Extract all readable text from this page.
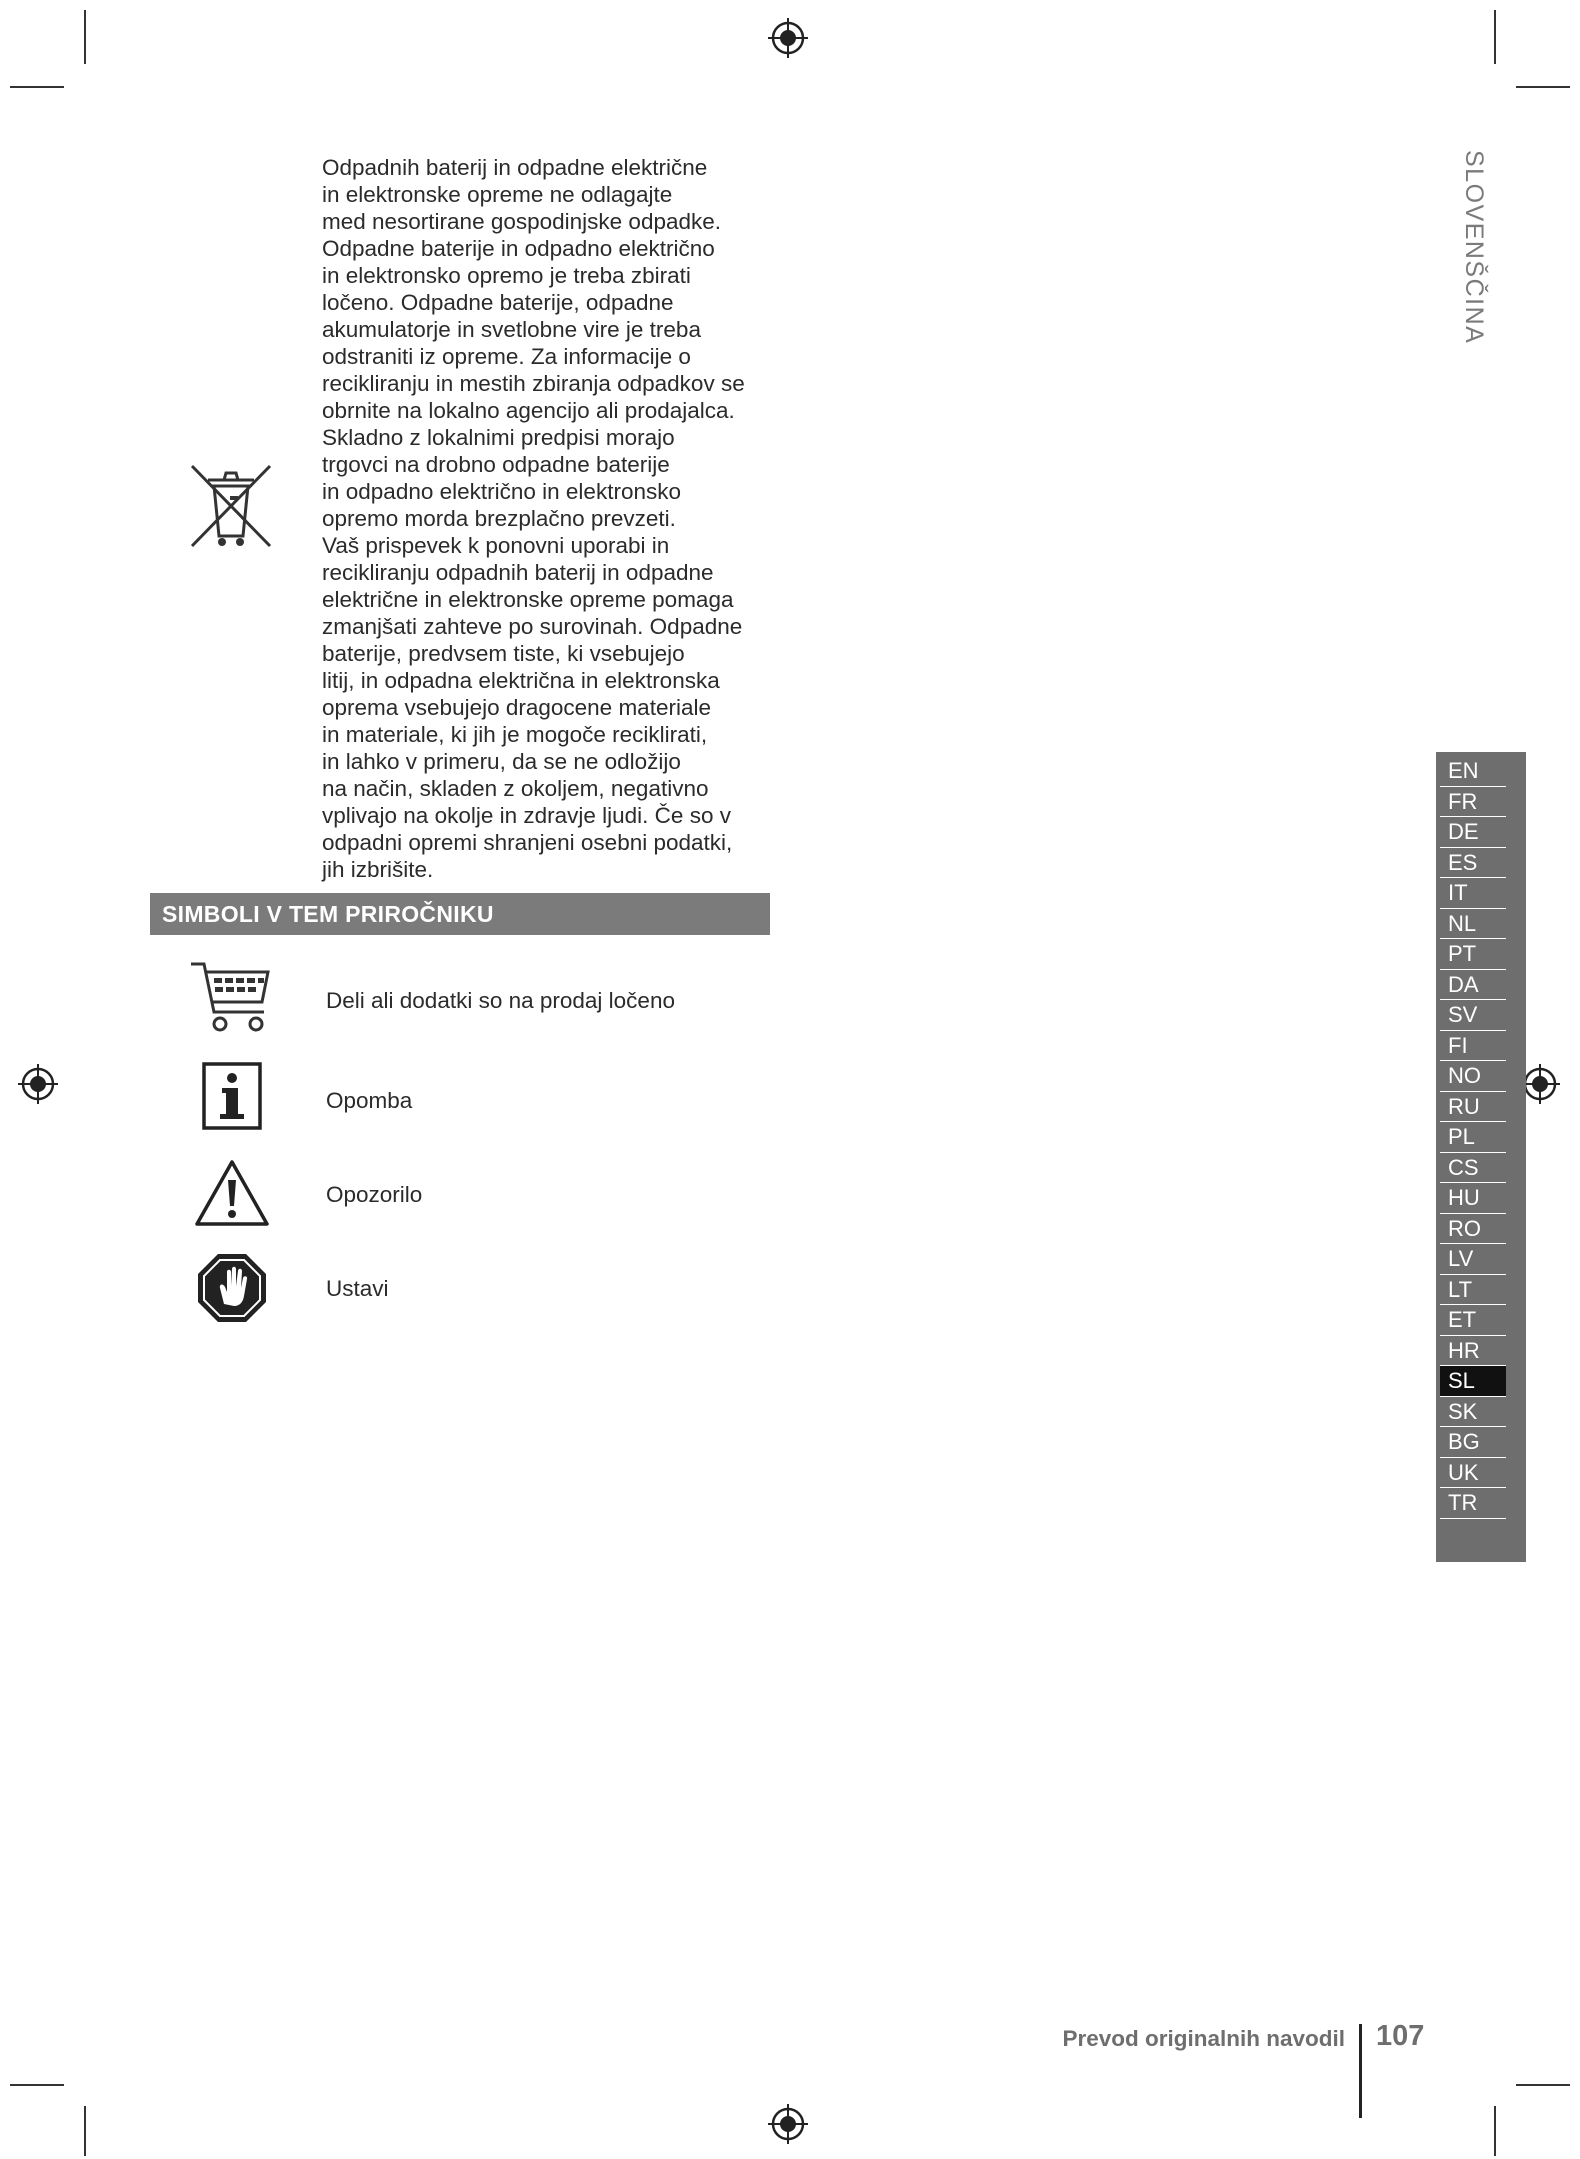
Odpadnih baterij in odpadne električne
in elektronske opreme ne odlagajte
med nesortirane gospodinjske odpadke.
Odpadne baterije in odpadno električno
in elektronsko opremo je treba zbirati
ločeno. Odpadne baterije, odpadne
akumulatorje in svetlobne vire je treba
odstraniti iz opreme. Za informacije o
recikliranju in mestih zbiranja odpadkov se
obrnite na lokalno agencijo ali prodajalca.
Skladno z lokalnimi predpisi morajo
trgovci na drobno odpadne baterije
in odpadno električno in elektronsko
opremo morda brezplačno prevzeti.
Vaš prispevek k ponovni uporabi in
recikliranju odpadnih baterij in odpadne
električne in elektronske opreme pomaga
zmanjšati zahteve po surovinah. Odpadne
baterije, predvsem tiste, ki vsebujejo
litij, in odpadna električna in elektronska
oprema vsebujejo dragocene materiale
in materiale, ki jih je mogoče reciklirati,
in lahko v primeru, da se ne odložijo
na način, skladen z okoljem, negativno
vplivajo na okolje in zdravje ljudi. Če so v
odpadni opremi shranjeni osebni podatki,
jih izbrišite.

SIMBOLI V TEM PRIROČNIKU
Deli ali dodatki so na prodaj ločeno
Opomba
Opozorilo
Ustavi
SLOVENŠČINA
EN
FR
DE
ES
IT
NL
PT
DA
SV
FI
NO
RU
PL
CS
HU
RO
LV
LT
ET
HR
SL
SK
BG
UK
TR
Prevod originalnih navodil 107
